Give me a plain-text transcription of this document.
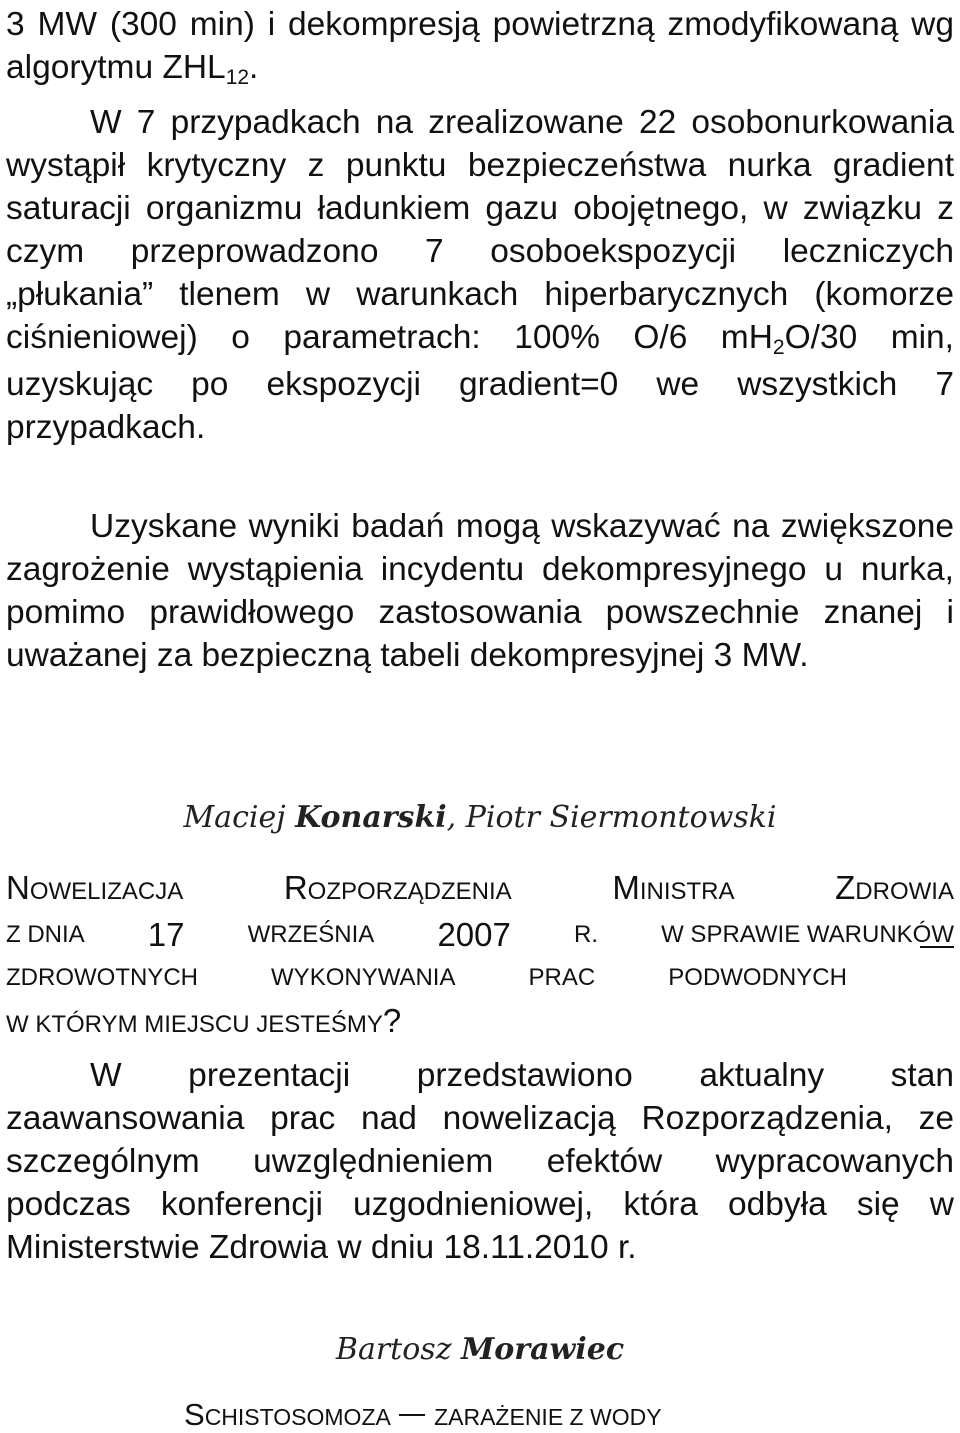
3 MW (300 min) i dekompresją powietrzną zmodyfikowaną wg algorytmu ZHL12.

W 7 przypadkach na zrealizowane 22 osobonurkowania wystąpił krytyczny z punktu bezpieczeństwa nurka gradient saturacji organizmu ładunkiem gazu obojętnego, w związku z czym przeprowadzono 7 osoboekspozycji leczniczych „płukania” tlenem w warunkach hiperbarycznych (komorze ciśnieniowej) o parametrach: 100% O/6 mH2O/30 min, uzyskując po ekspozycji gradient=0 we wszystkich 7 przypadkach.

Uzyskane wyniki badań mogą wskazywać na zwiększone zagrożenie wystąpienia incydentu dekompresyjnego u nurka, pomimo prawidłowego zastosowania powszechnie znanej i uważanej za bezpieczną tabeli dekompresyjnej 3 MW.

Maciej Konarski, Piotr Siermontowski
NOWELIZACJA	ROZPORZĄDZENIA	MINISTRA	ZDROWIA
Z DNIA 17	WRZEŚNIA 2007	R.	W SPRAWIE WARUNKÓW
ZDROWOTNYCH	WYKONYWANIA	PRAC	PODWODNYCH
W KTÓRYM MIEJSCU JESTEŚMY?

W prezentacji przedstawiono aktualny stan zaawansowania prac nad nowelizacją Rozporządzenia, ze szczególnym uwzględnieniem efektów wypracowanych podczas konferencji uzgodnieniowej, która odbyła się w Ministerstwie Zdrowia w dniu 18.11.2010 r.

Bartosz Morawiec
SCHISTOSOMOZA ZARAŻENIE Z WODY
